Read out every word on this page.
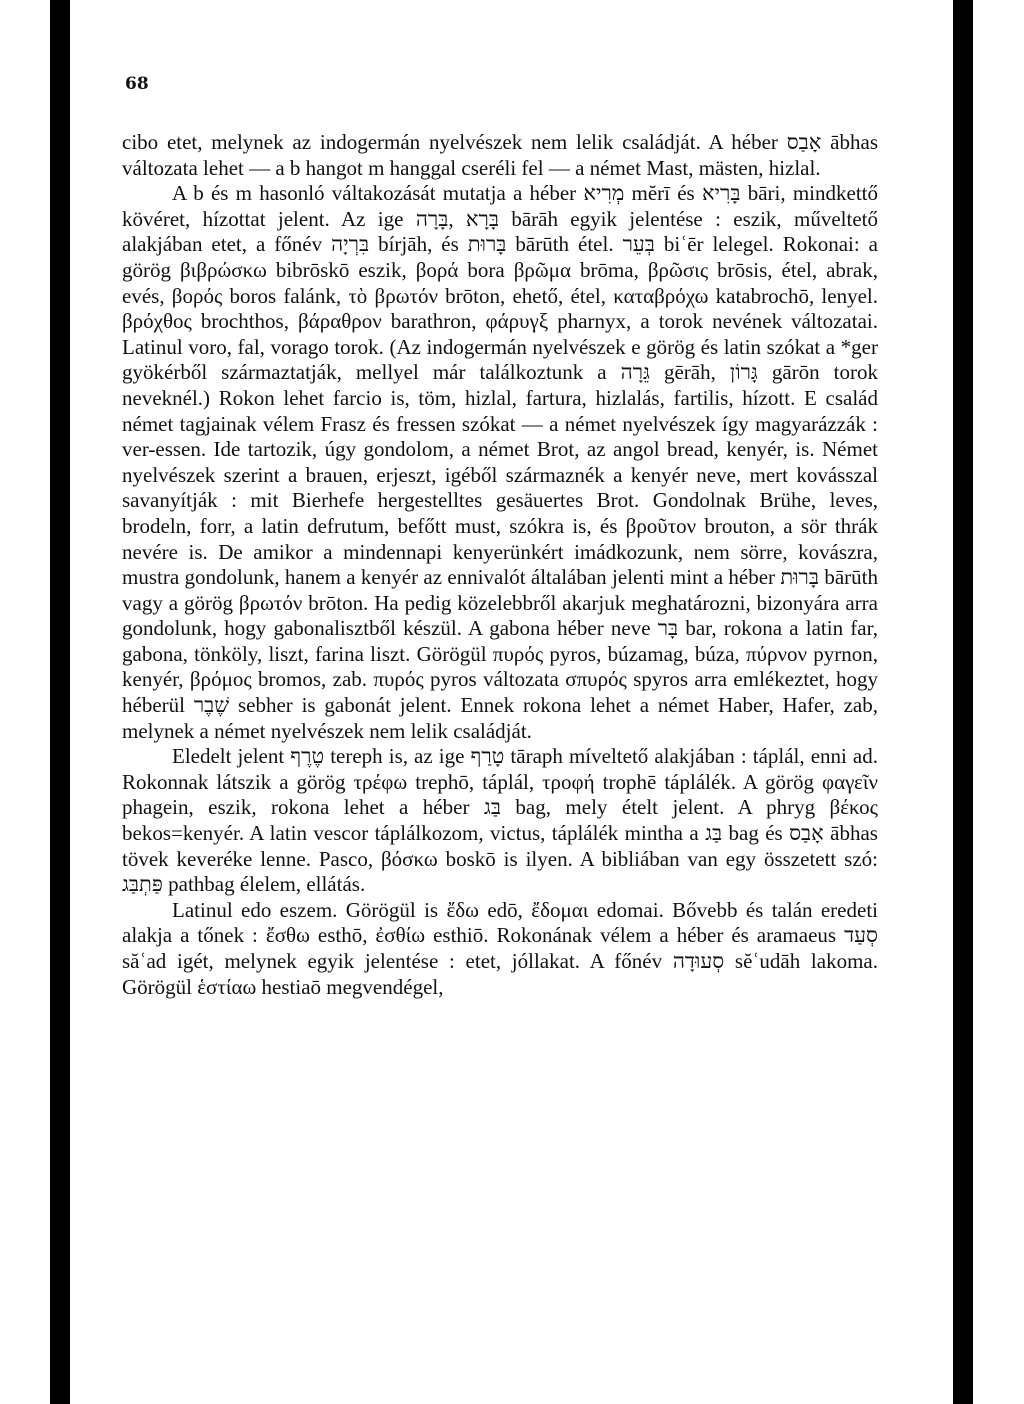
68

cibo etet, melynek az indogermán nyelvészek nem lelik családját. A héber אָבַס ābhas változata lehet — a b hangot m hanggal cseréli fel — a német Mast, mästen, hizlal.

A b és m hasonló váltakozását mutatja a héber מְרִיא mĕrī és בָּרִיא bāri, mindkettő kövéret, hízottat jelent. Az ige בָּרָא ,בָּרָה bārāh egyik jelentése : eszik, műveltető alakjában etet, a főnév בִּרְיָה bírjāh, és בָּרוּת bārūth étel. בְּעֵר biʿēr lelegel. Rokonai: a görög βιβρώσκω bibrōskō eszik, βορά bora βρῶμα brōma, βρῶσις brōsis, étel, abrak, evés, βορός boros falánk, τὸ βρωτόν brōton, ehető, étel, καταβρόχω katabrochō, lenyel. βρόχθος brochthos, βάραθρον barathron, φάρυγξ pharnyx, a torok nevének változatai. Latinul voro, fal, vorago torok. (Az indogermán nyelvészek e görög és latin szókat a *ger gyökérből származtatják, mellyel már találkoztunk a גֵּרָה gērāh, גָּרוֹן gārōn torok neveknél.) Rokon lehet farcio is, töm, hizlal, fartura, hizlalás, fartilis, hízott. E család német tagjainak vélem Frasz és fressen szókat — a német nyelvészek így magyarázzák : ver-essen. Ide tartozik, úgy gondolom, a német Brot, az angol bread, kenyér, is. Német nyelvészek szerint a brauen, erjeszt, igéből származnék a kenyér neve, mert kovásszal savanyítják : mit Bierhefe hergestelltes gesäuertes Brot. Gondolnak Brühe, leves, brodeln, forr, a latin defrutum, befőtt must, szókra is, és βροῦτον brouton, a sör thrák nevére is. De amikor a mindennapi kenyerünkért imádkozunk, nem sörre, kovászra, mustra gondolunk, hanem a kenyér az ennivalót általában jelenti mint a héber בָּרוּת bārūth vagy a görög βρωτόν brōton. Ha pedig közelebbről akarjuk meghatározni, bizonyára arra gondolunk, hogy gabonalisztből készül. A gabona héber neve בָּר bar, rokona a latin far, gabona, tönköly, liszt, farina liszt. Görögül πυρός pyros, búzamag, búza, πύρνον pyrnon, kenyér, βρόμος bromos, zab. πυρός pyros változata σπυρός spyros arra emlékeztet, hogy héberül שֶׁבֶר sebher is gabonát jelent. Ennek rokona lehet a német Haber, Hafer, zab, melynek a német nyelvészek nem lelik családját.

Eledelt jelent טֶרֶף tereph is, az ige טָרַף tāraph míveltető alakjában : táplál, enni ad. Rokonnak látszik a görög τρέφω trephō, táplál, τροφή trophē táplálék. A görög φαγεῖν phagein, eszik, rokona lehet a héber בַּג bag, mely ételt jelent. A phryg βέκος bekos=kenyér. A latin vescor táplálkozom, victus, táplálék mintha a בַּג bag és אָבַס ābhas tövek keveréke lenne. Pasco, βόσκω boskō is ilyen. A bibliában van egy összetett szó: פַּתְבַּג pathbag élelem, ellátás.

Latinul edo eszem. Görögül is ἔδω edō, ἔδομαι edomai. Bővebb és talán eredeti alakja a tőnek : ἔσθω esthō, ἐσθίω esthiō. Rokonának vélem a héber és aramaeus סְעַד săʿad igét, melynek egyik jelentése : etet, jóllakat. A főnév סְעוּדָה sĕʿudāh lakoma. Görögül ἑστίαω hestiaō megvendégel,
